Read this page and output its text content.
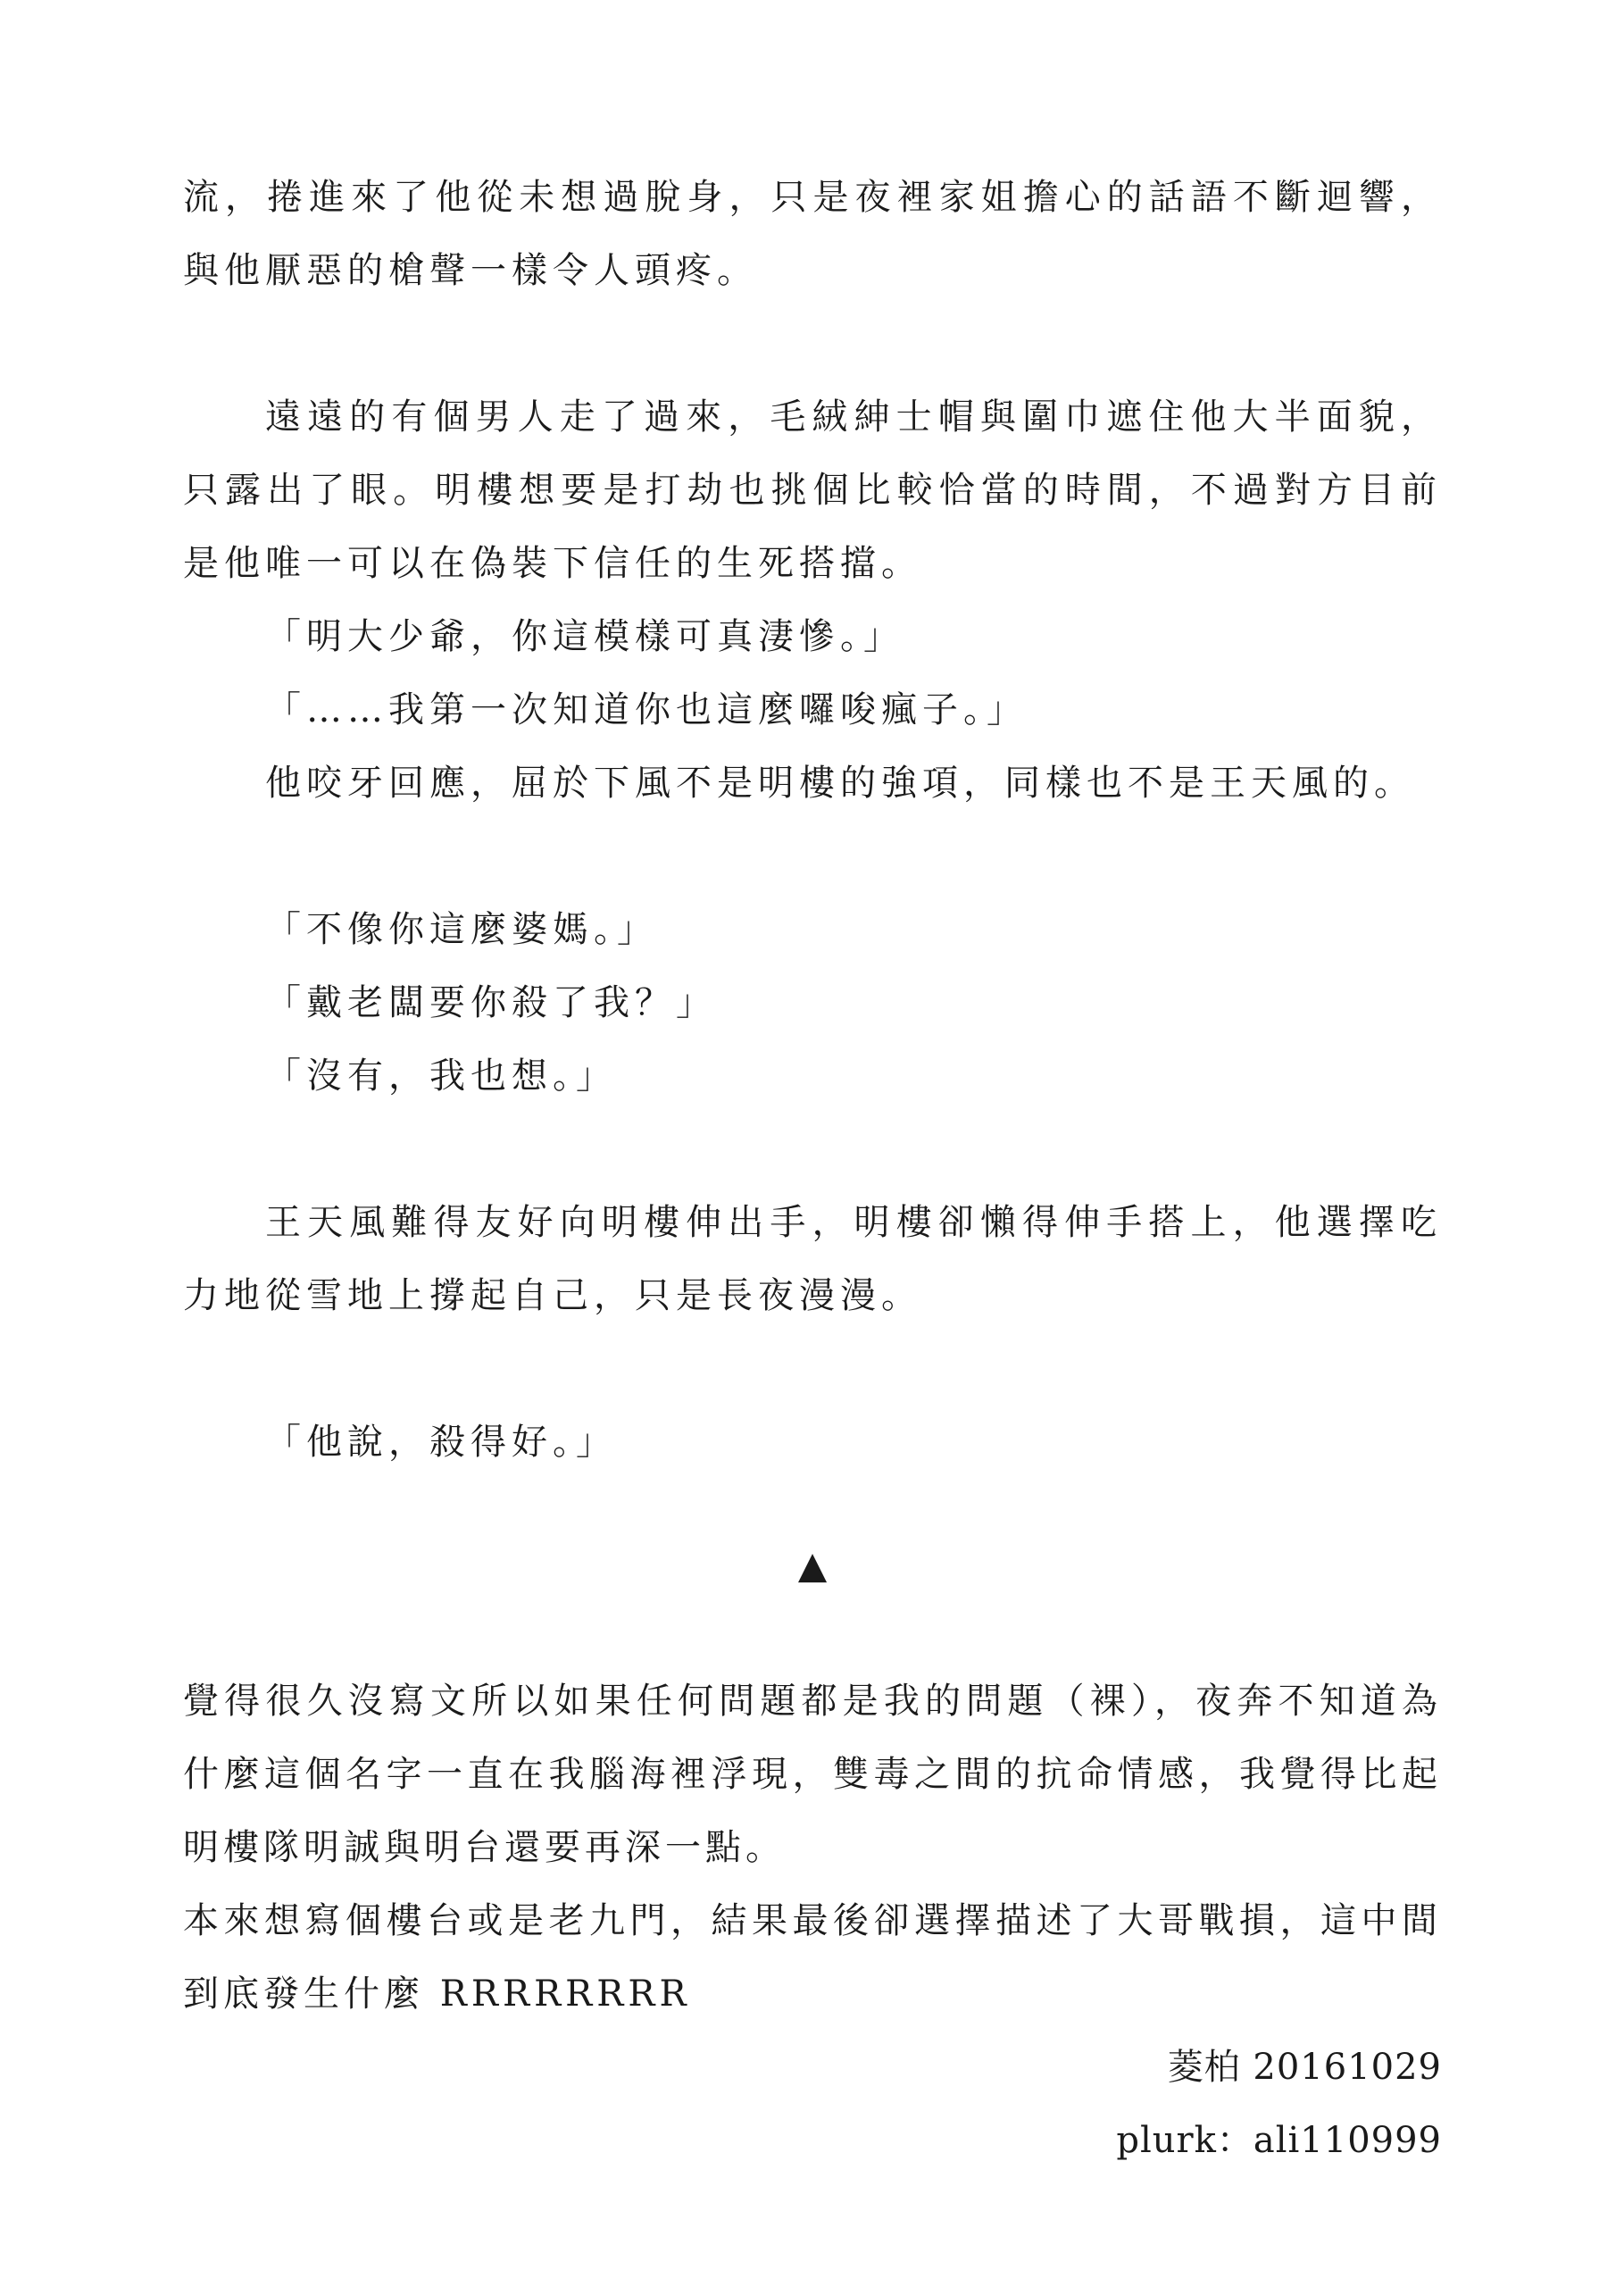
流，捲進來了他從未想過脫身，只是夜裡家姐擔心的話語不斷迴響，與他厭惡的槍聲一樣令人頭疼。

遠遠的有個男人走了過來，毛絨紳士帽與圍巾遮住他大半面貌，只露出了眼。明樓想要是打劫也挑個比較恰當的時間，不過對方目前是他唯一可以在偽裝下信任的生死搭擋。

「明大少爺，你這模樣可真淒慘。」

「……我第一次知道你也這麼囉唆瘋子。」

他咬牙回應，屈於下風不是明樓的強項，同樣也不是王天風的。

「不像你這麼婆媽。」

「戴老闆要你殺了我？」

「沒有，我也想。」

王天風難得友好向明樓伸出手，明樓卻懶得伸手搭上，他選擇吃力地從雪地上撐起自己，只是長夜漫漫。

「他說，殺得好。」

▲

覺得很久沒寫文所以如果任何問題都是我的問題（裸），夜奔不知道為什麼這個名字一直在我腦海裡浮現，雙毒之間的抗命情感，我覺得比起明樓隊明誠與明台還要再深一點。

本來想寫個樓台或是老九門，結果最後卻選擇描述了大哥戰損，這中間到底發生什麼 RRRRRRRR

菱柏 20161029

plurk：ali110999
